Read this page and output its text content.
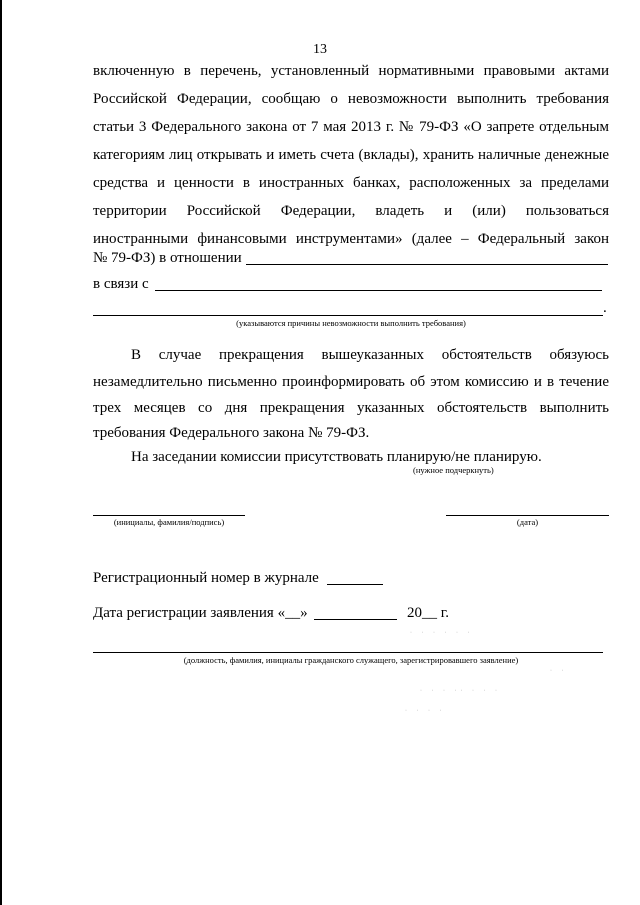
13
включенную в перечень, установленный нормативными правовыми актами
Российской Федерации, сообщаю о невозможности выполнить требования
статьи 3 Федерального закона от 7 мая 2013 г. № 79-ФЗ «О запрете отдельным
категориям лиц открывать и иметь счета (вклады), хранить наличные денежные
средства и ценности в иностранных банках, расположенных за пределами
территории Российской Федерации, владеть и (или) пользоваться
иностранными финансовыми инструментами» (далее – Федеральный закон
№ 79-ФЗ) в отношении
в связи с
.
(указываются причины невозможности выполнить требования)
В случае прекращения вышеуказанных обстоятельств обязуюсь
незамедлительно письменно проинформировать об этом комиссию и в течение
трех месяцев со дня прекращения указанных обстоятельств выполнить
требования Федерального закона № 79-ФЗ.
На заседании комиссии присутствовать планирую/не планирую.
(нужное подчеркнуть)
(инициалы, фамилия/подпись)	(дата)
Регистрационный номер в журнале
Дата регистрации заявления «__»	20__ г.
(должность, фамилия, инициалы гражданского служащего, зарегистрировавшего заявление)
· · · · · ·
· · · ·· · · ·
· · · ·
· ·
